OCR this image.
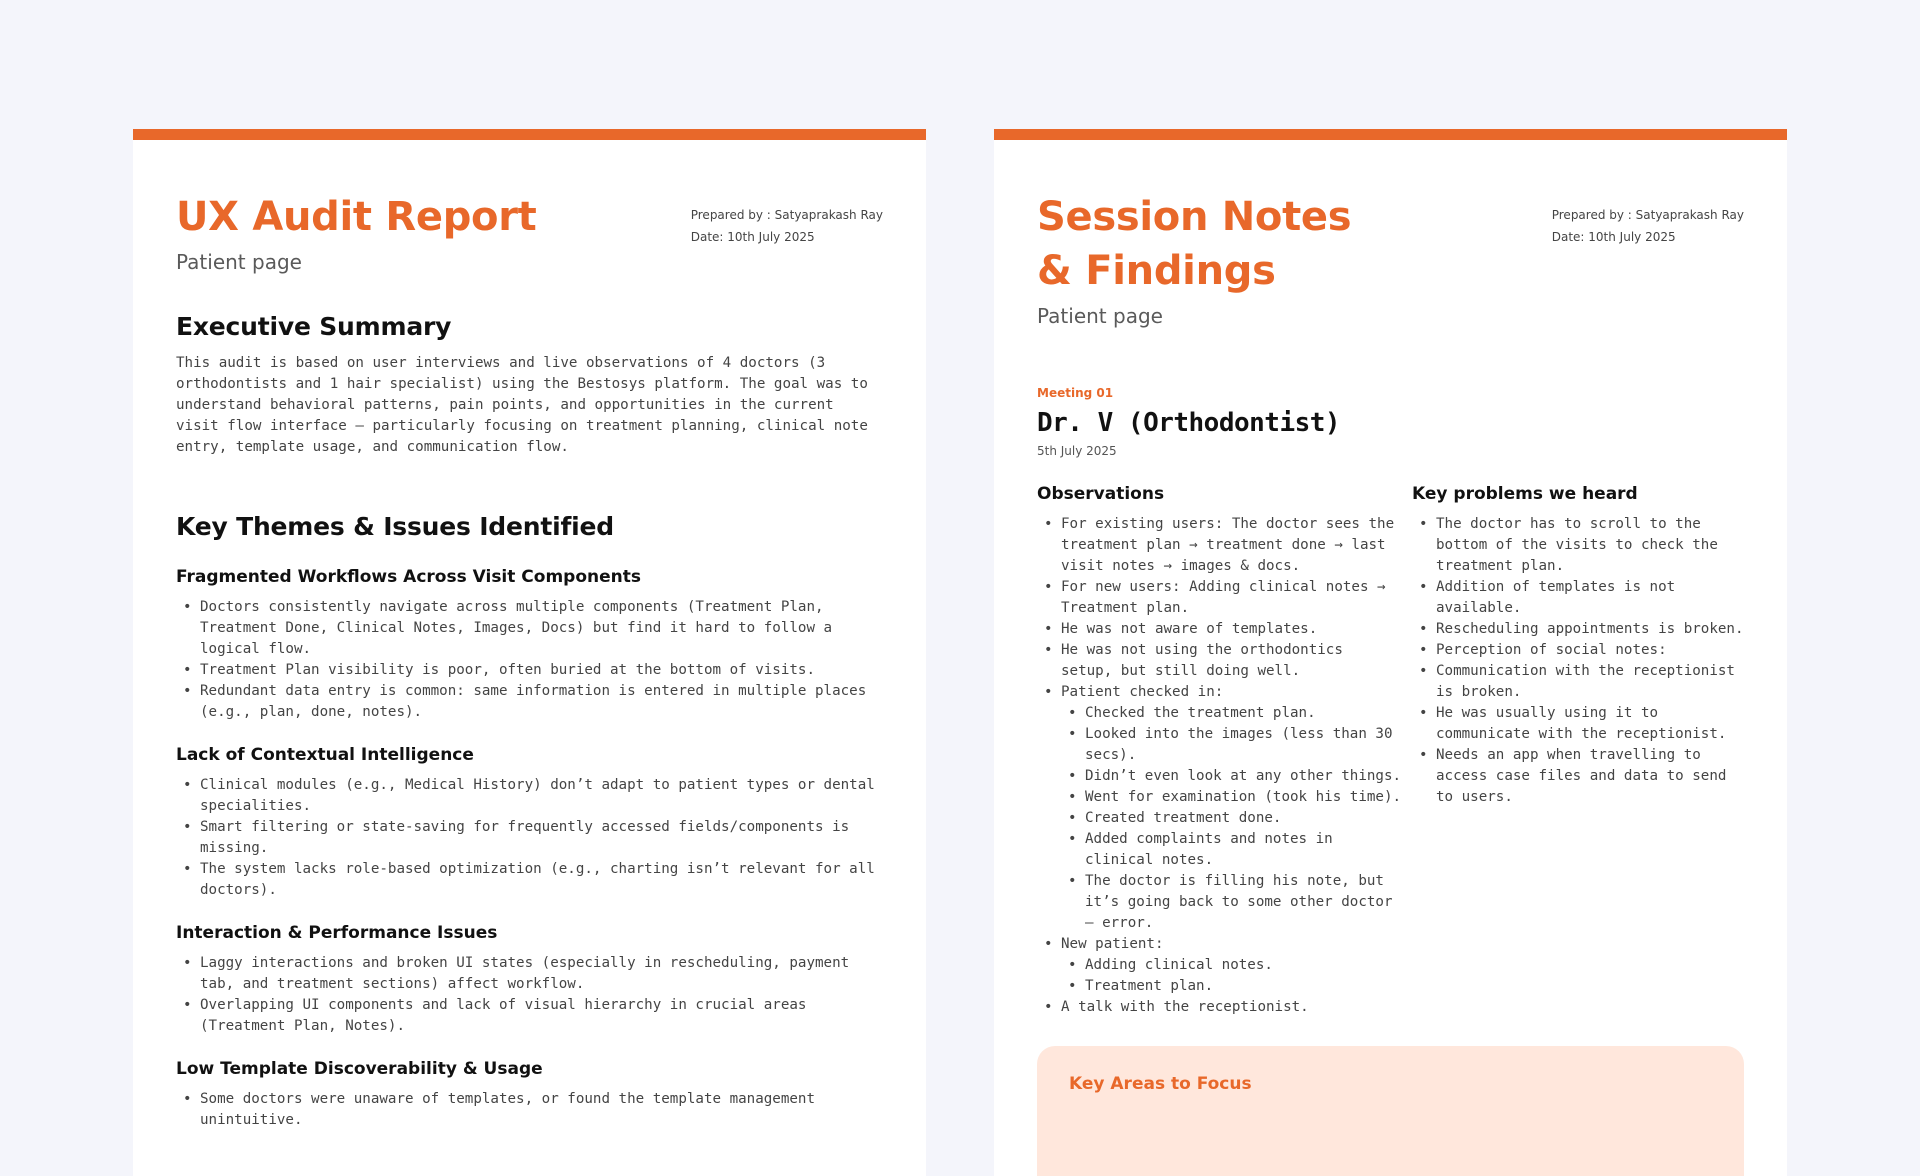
Prepared by : Satyaprakash Ray
Date: 10th July 2025
UX Audit Report
Patient page
Executive Summary
This audit is based on user interviews and live observations of 4 doctors (3 orthodontists and 1 hair specialist) using the Bestosys platform. The goal was to understand behavioral patterns, pain points, and opportunities in the current visit flow interface — particularly focusing on treatment planning, clinical note entry, template usage, and communication flow.
Key Themes & Issues Identified
Fragmented Workflows Across Visit Components
• Doctors consistently navigate across multiple components (Treatment Plan, Treatment Done, Clinical Notes, Images, Docs) but find it hard to follow a logical flow.
• Treatment Plan visibility is poor, often buried at the bottom of visits.
• Redundant data entry is common: same information is entered in multiple places (e.g., plan, done, notes).
Lack of Contextual Intelligence
• Clinical modules (e.g., Medical History) don’t adapt to patient types or dental specialities.
• Smart filtering or state-saving for frequently accessed fields/components is missing.
• The system lacks role-based optimization (e.g., charting isn’t relevant for all doctors).
Interaction & Performance Issues
• Laggy interactions and broken UI states (especially in rescheduling, payment tab, and treatment sections) affect workflow.
• Overlapping UI components and lack of visual hierarchy in crucial areas (Treatment Plan, Notes).
Low Template Discoverability & Usage
• Some doctors were unaware of templates, or found the template management unintuitive.
Prepared by : Satyaprakash Ray
Date: 10th July 2025
Session Notes
& Findings
Patient page
Meeting 01
Dr. V (Orthodontist)
5th July 2025
Observations
• For existing users: The doctor sees the treatment plan → treatment done → last visit notes → images & docs.
• For new users: Adding clinical notes → Treatment plan.
• He was not aware of templates.
• He was not using the orthodontics setup, but still doing well.
• Patient checked in:
• Checked the treatment plan.
• Looked into the images (less than 30 secs).
• Didn’t even look at any other things.
• Went for examination (took his time).
• Created treatment done.
• Added complaints and notes in clinical notes.
• The doctor is filling his note, but it’s going back to some other doctor — error.
• New patient:
• Adding clinical notes.
• Treatment plan.
• A talk with the receptionist.
Key problems we heard
• The doctor has to scroll to the bottom of the visits to check the treatment plan.
• Addition of templates is not available.
• Rescheduling appointments is broken.
• Perception of social notes:
• Communication with the receptionist is broken.
• He was usually using it to communicate with the receptionist.
• Needs an app when travelling to access case files and data to send to users.
Key Areas to Focus
